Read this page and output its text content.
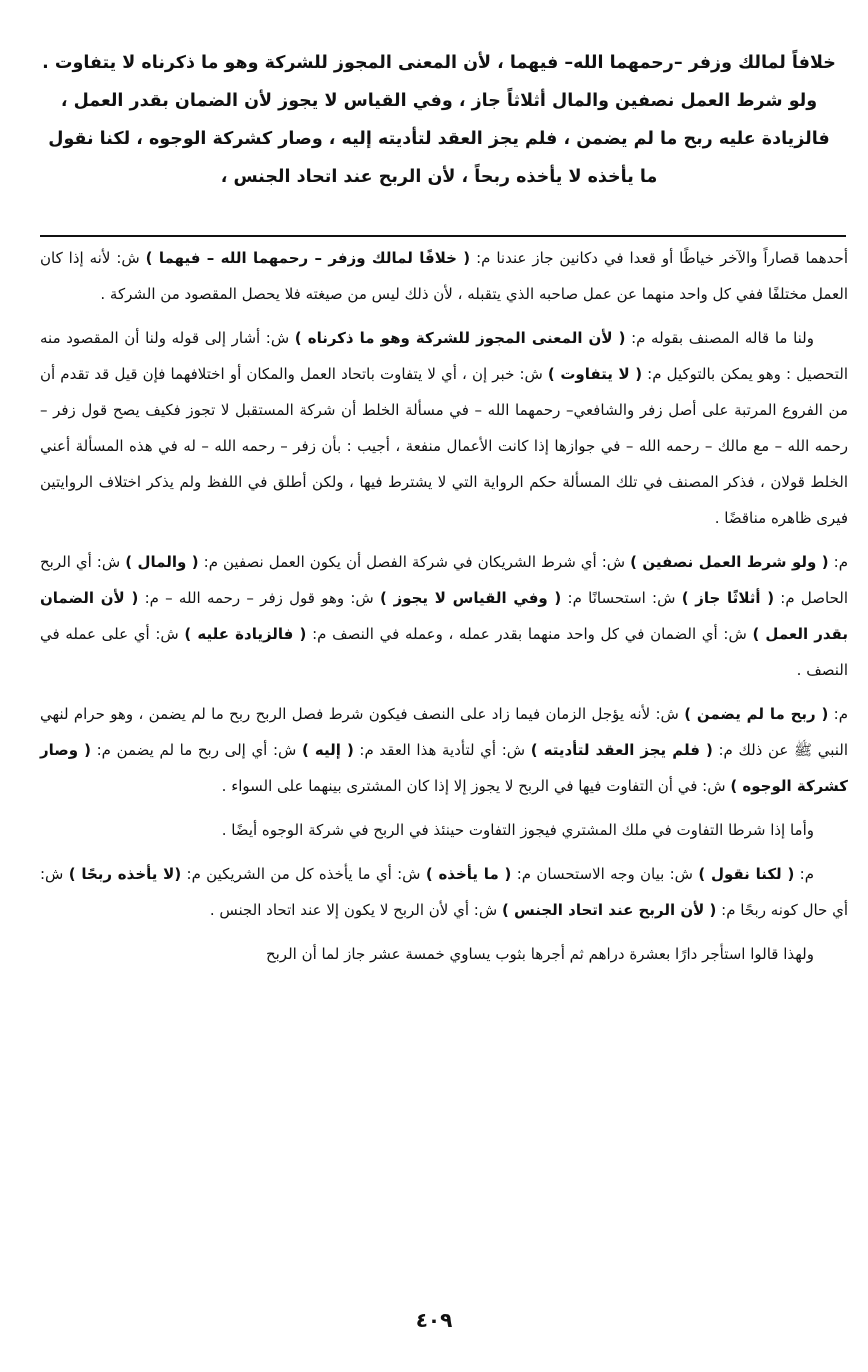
خلافاً لمالك وزفر –رحمهما الله– فيهما ، لأن المعنى المجوز للشركة وهو ما ذكرناه لا يتفاوت .
ولو شرط العمل نصفين والمال أثلاثاً جاز ، وفي القياس لا يجوز لأن الضمان بقدر العمل ،
فالزيادة عليه ربح ما لم يضمن ، فلم يجز العقد لتأديته إليه ، وصار كشركة الوجوه ، لكنا نقول
ما يأخذه لا يأخذه ربحاً ، لأن الربح عند اتحاد الجنس ،

أحدهما قصاراً والآخر خياطًا أو قعدا في دكانين جاز عندنا م: ( خلافًا لمالك وزفر – رحمهما الله – فيهما ) ش: لأنه إذا كان العمل مختلفًا ففي كل واحد منهما عن عمل صاحبه الذي يتقبله ، لأن ذلك ليس من صيغته فلا يحصل المقصود من الشركة .

ولنا ما قاله المصنف بقوله م: ( لأن المعنى المجوز للشركة وهو ما ذكرناه ) ش: أشار إلى قوله ولنا أن المقصود منه التحصيل : وهو يمكن بالتوكيل م: ( لا يتفاوت ) ش: خبر إن ، أي لا يتفاوت باتحاد العمل والمكان أو اختلافهما فإن قيل قد تقدم أن من الفروع المرتبة على أصل زفر والشافعي– رحمهما الله – في مسألة الخلط أن شركة المستقبل لا تجوز فكيف يصح قول زفر – رحمه الله – مع مالك – رحمه الله – في جوازها إذا كانت الأعمال منفعة ، أجيب : بأن زفر – رحمه الله – له في هذه المسألة أعني الخلط قولان ، فذكر المصنف في تلك المسألة حكم الرواية التي لا يشترط فيها ، ولكن أطلق في اللفظ ولم يذكر اختلاف الروايتين فيرى ظاهره مناقضًا .

م: ( ولو شرط العمل نصفين ) ش: أي شرط الشريكان في شركة الفصل أن يكون العمل نصفين م: ( والمال ) ش: أي الربح الحاصل م: ( أثلاثًا جاز ) ش: استحسانًا م: ( وفي القياس لا يجوز ) ش: وهو قول زفر – رحمه الله – م: ( لأن الضمان بقدر العمل ) ش: أي الضمان في كل واحد منهما بقدر عمله ، وعمله في النصف م: ( فالزيادة عليه ) ش: أي على عمله في النصف .

م: ( ربح ما لم يضمن ) ش: لأنه يؤجل الزمان فيما زاد على النصف فيكون شرط فصل الربح ربح ما لم يضمن ، وهو حرام لنهي النبي ﷺ عن ذلك م: ( فلم يجز العقد لتأديته ) ش: أي لتأدية هذا العقد م: ( إليه ) ش: أي إلى ربح ما لم يضمن م: ( وصار كشركة الوجوه ) ش: في أن التفاوت فيها في الربح لا يجوز إلا إذا كان المشترى بينهما على السواء .

وأما إذا شرطا التفاوت في ملك المشتري فيجوز التفاوت حينئذ في الربح في شركة الوجوه أيضًا .

م: ( لكنا نقول ) ش: بيان وجه الاستحسان م: ( ما يأخذه ) ش: أي ما يأخذه كل من الشريكين م: (لا يأخذه ربحًا ) ش: أي حال كونه ربحًا م: ( لأن الربح عند اتحاد الجنس ) ش: أي لأن الربح لا يكون إلا عند اتحاد الجنس .

ولهذا قالوا استأجر دارًا بعشرة دراهم ثم أجرها بثوب يساوي خمسة عشر جاز لما أن الربح

٤٠٩
